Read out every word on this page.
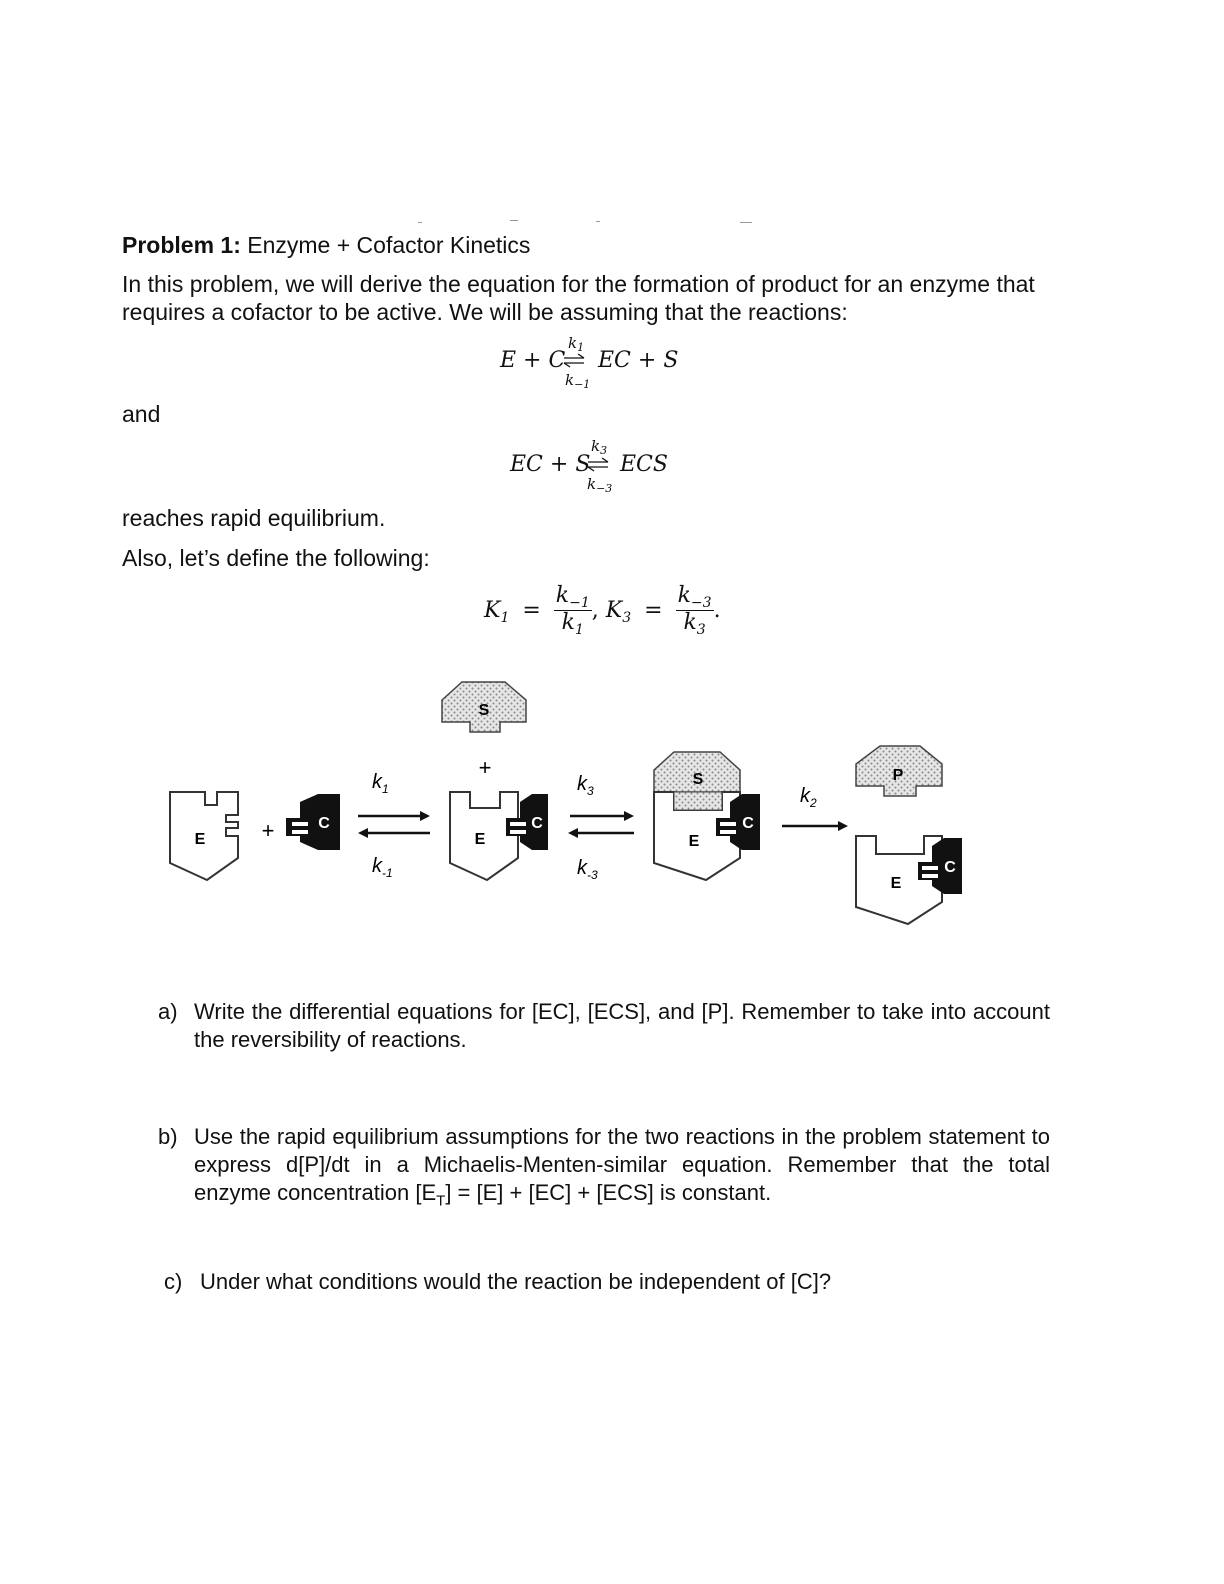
Problem 1: Enzyme + Cofactor Kinetics
In this problem, we will derive the equation for the formation of product for an enzyme that requires a cofactor to be active. We will be assuming that the reactions:
E + C
$k_1$
$k_{-1}$
EC + S
and
EC + S
$k_3$
$k_{-3}$
ECS
reaches rapid equilibrium.
Also, let’s define the following:
$K_1 = \frac{k_{-1}}{k_1}$ , $K_3 = \frac{k_{-3}}{k_3}$ .
E	+	C
$k_1$
$k_{-1}$
S
+
E
C
$k_3$
$k_{-3}$
S
E
C
$k_2$
P
E
C
a) Write the differential equations for [EC], [ECS], and [P]. Remember to take into account the reversibility of reactions.
b) Use the rapid equilibrium assumptions for the two reactions in the problem statement to express d[P]/dt in a Michaelis-Menten-similar equation. Remember that the total enzyme concentration $[E_T] = [E] + [EC] + [ECS]$ is constant.
c) Under what conditions would the reaction be independent of [C]?
